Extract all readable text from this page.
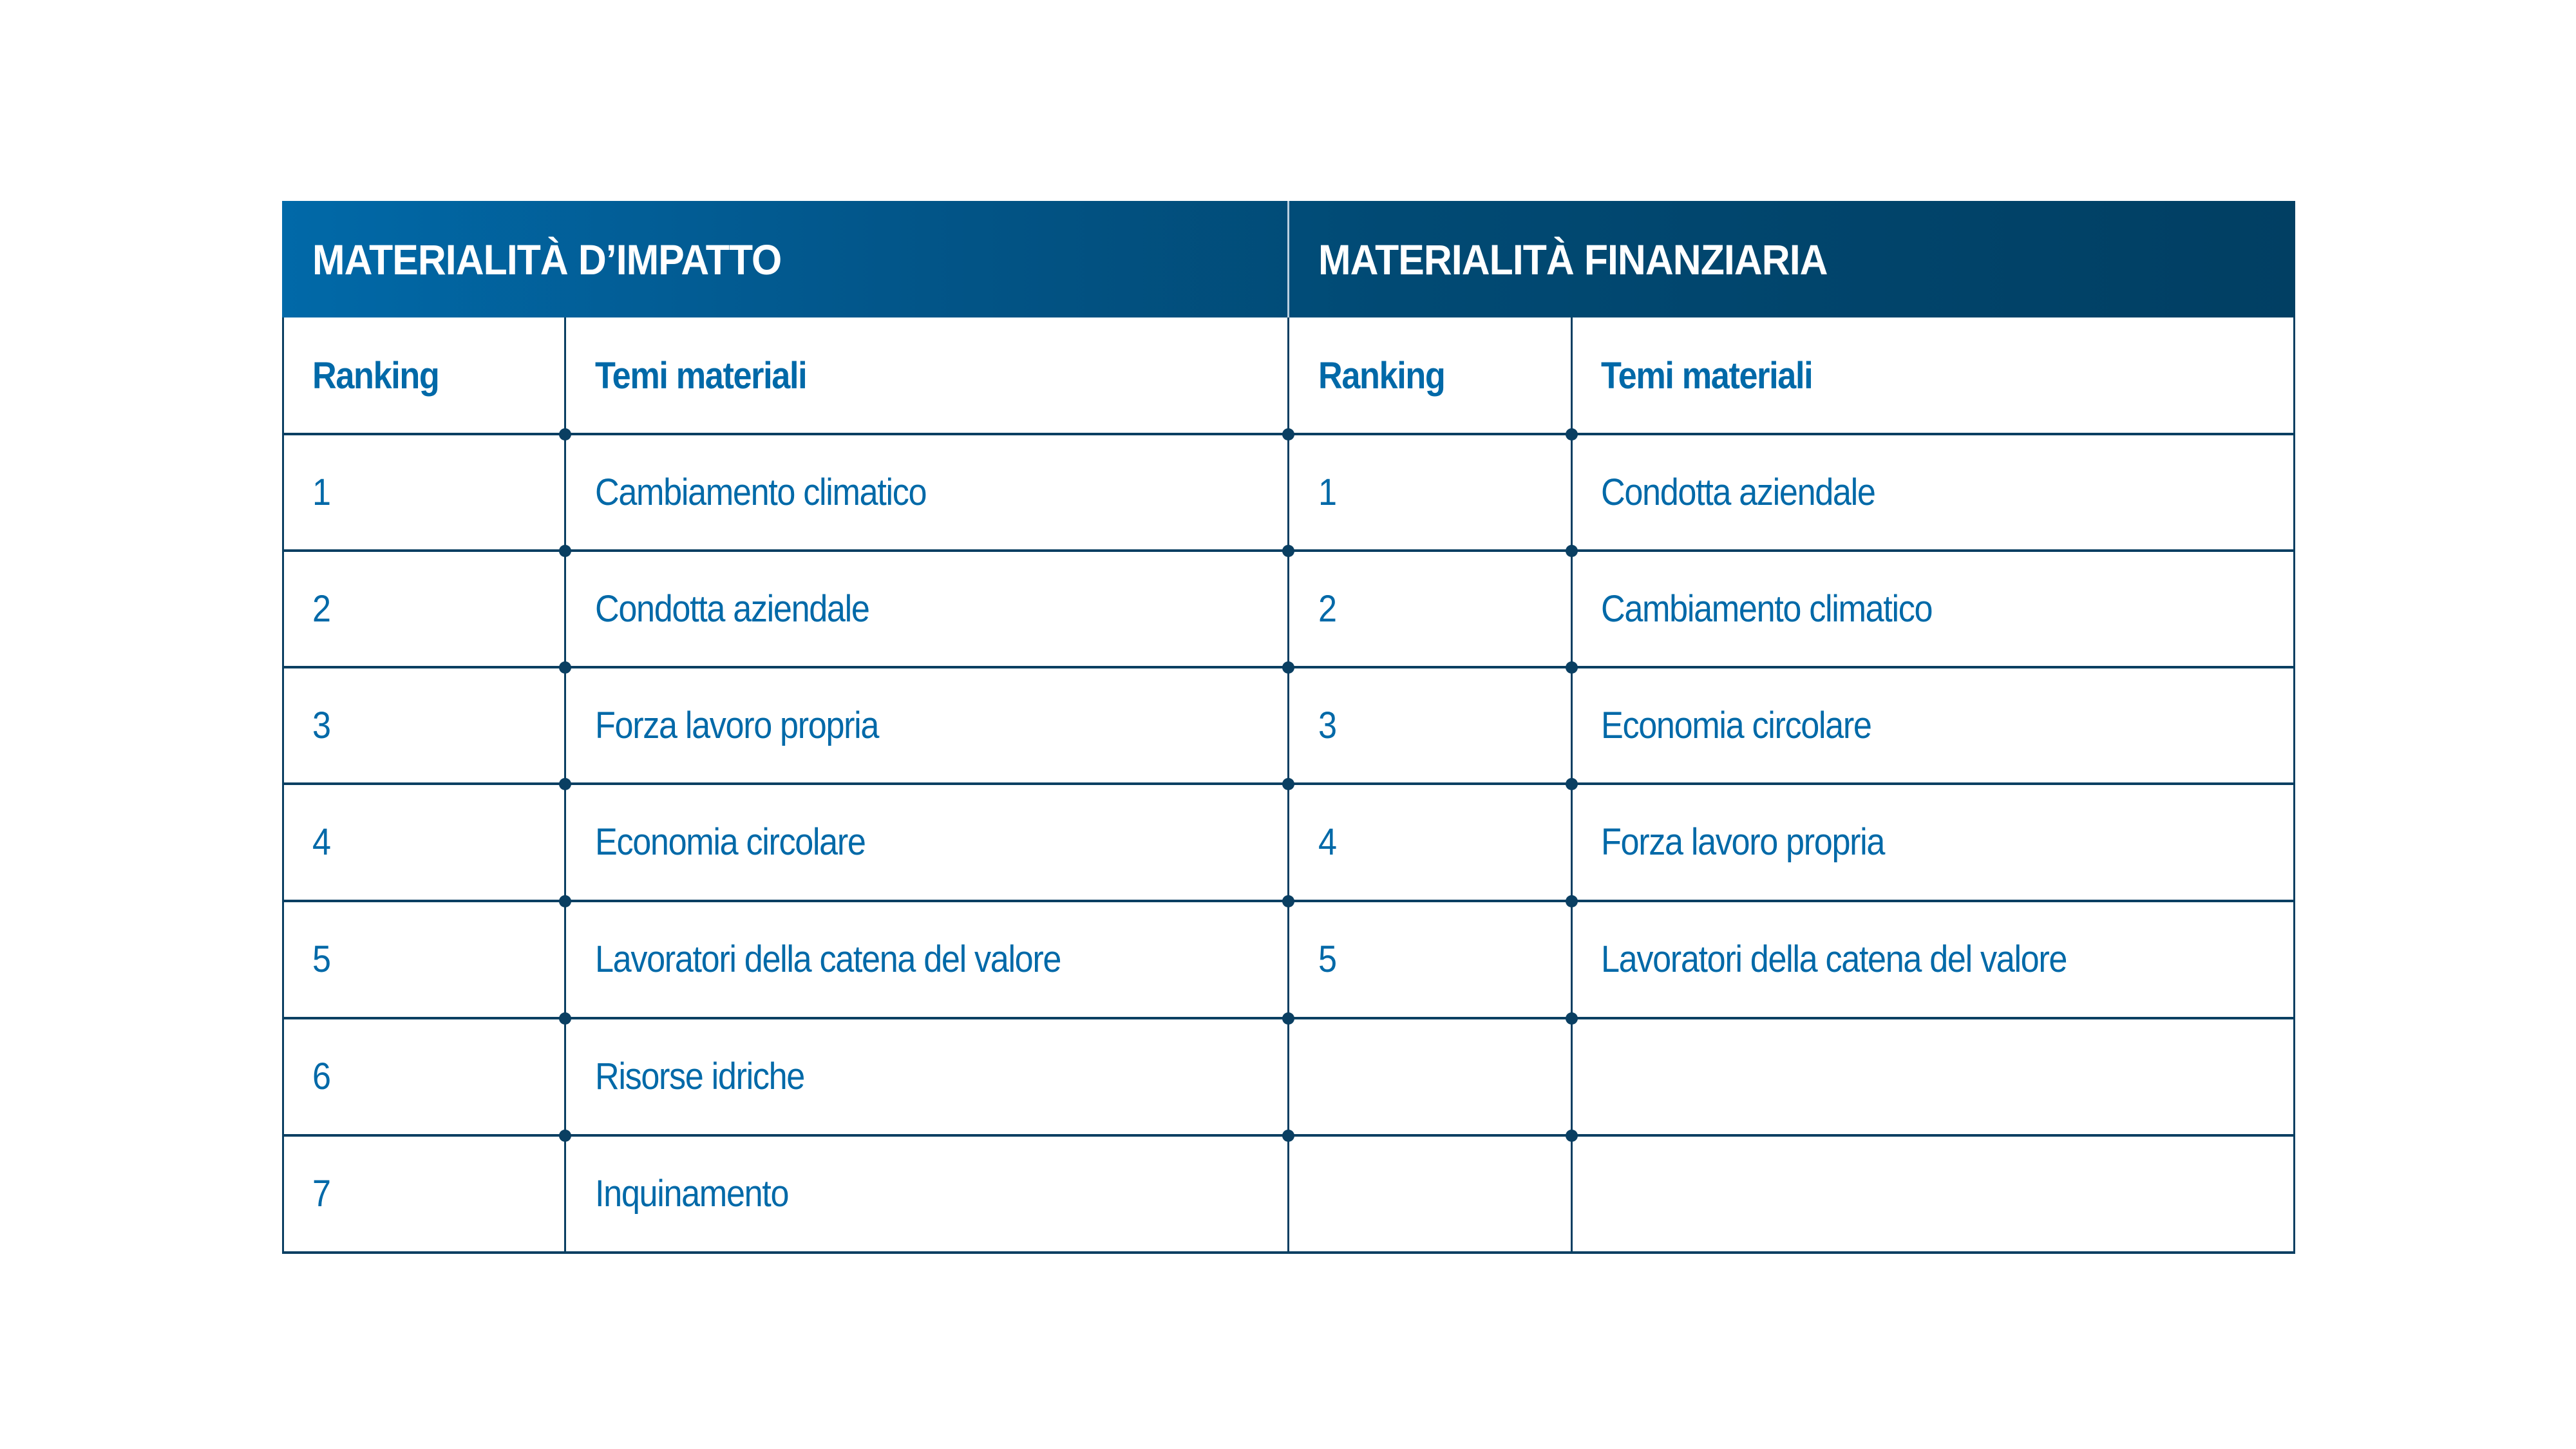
MATERIALITÀ D’IMPATTO	MATERIALITÀ FINANZIARIA
Ranking	Temi materiali	Ranking	Temi materiali
1	Cambiamento climatico	1	Condotta aziendale
2	Condotta aziendale	2	Cambiamento climatico
3	Forza lavoro propria	3	Economia circolare
4	Economia circolare	4	Forza lavoro propria
5	Lavoratori della catena del valore	5	Lavoratori della catena del valore
6	Risorse idriche
7	Inquinamento
